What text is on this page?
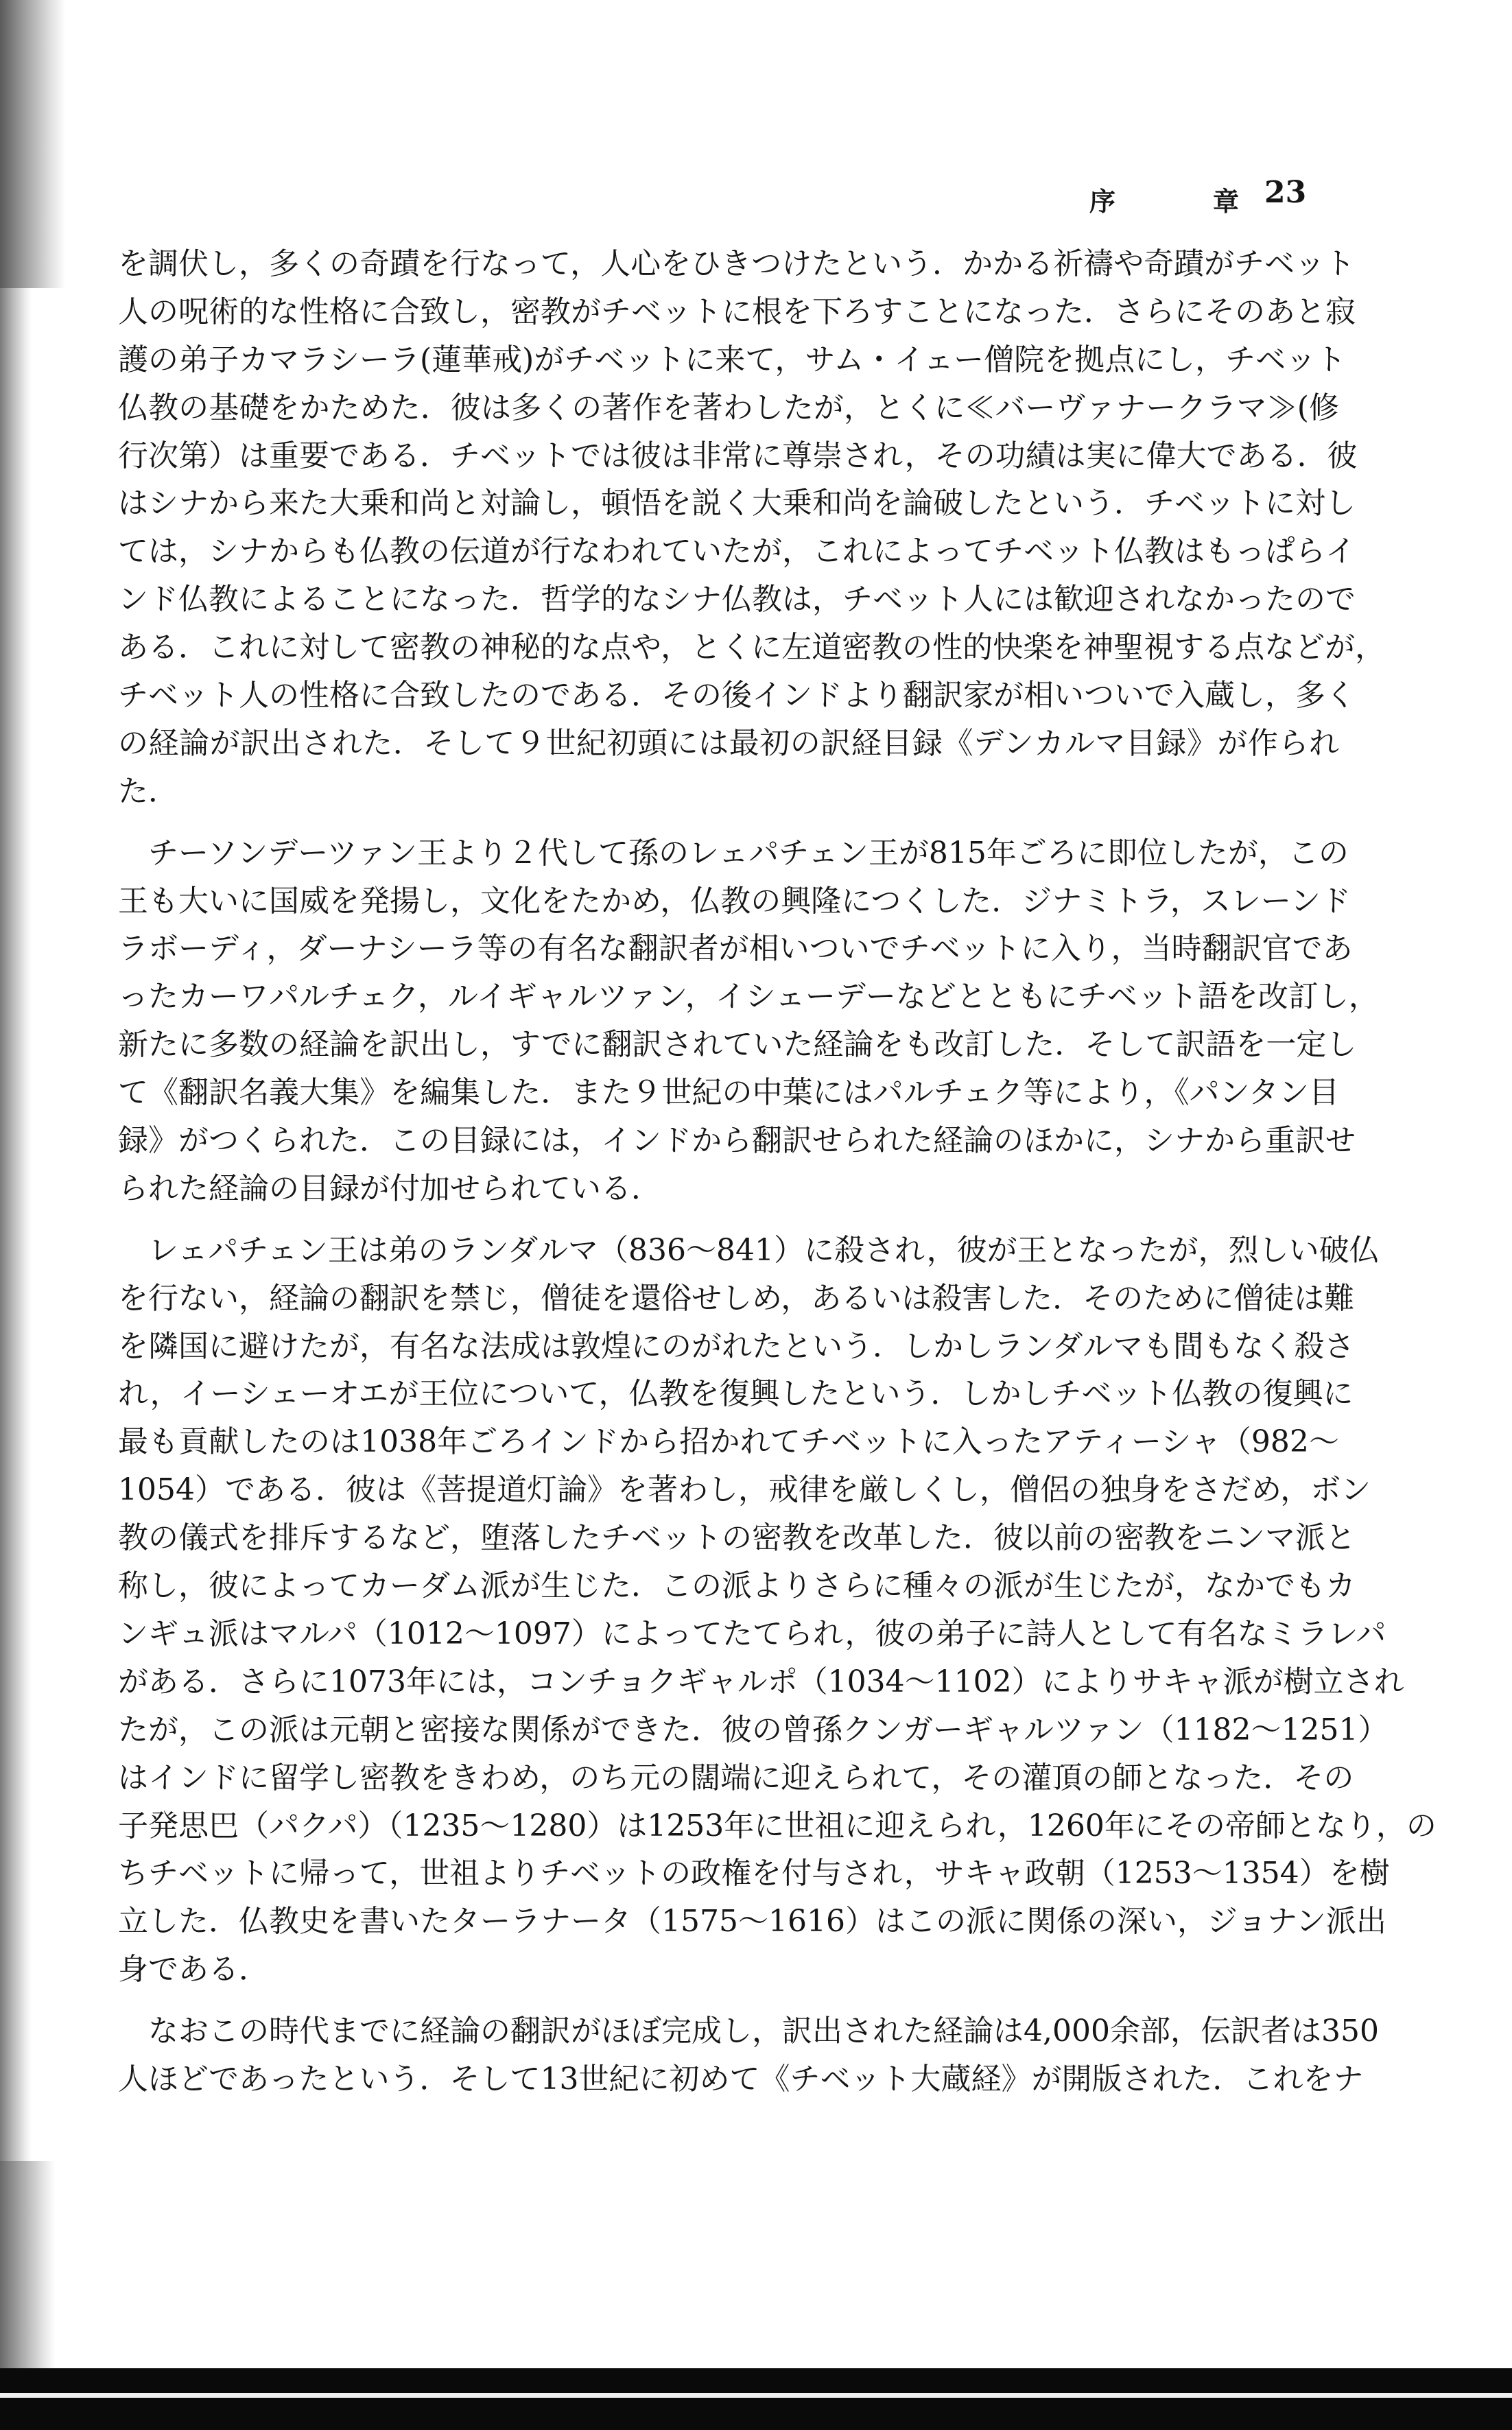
序　章
23
を調伏し，多くの奇蹟を行なって，人心をひきつけたという．かかる祈禱や奇蹟がチベット
人の呪術的な性格に合致し，密教がチベットに根を下ろすことになった．さらにそのあと寂
護の弟子カマラシーラ(蓮華戒)がチベットに来て，サム・イェー僧院を拠点にし，チベット
仏教の基礎をかためた．彼は多くの著作を著わしたが，とくに≪バーヴァナークラマ≫(修
行次第）は重要である．チベットでは彼は非常に尊崇され，その功績は実に偉大である．彼
はシナから来た大乗和尚と対論し，頓悟を説く大乗和尚を論破したという．チベットに対し
ては，シナからも仏教の伝道が行なわれていたが，これによってチベット仏教はもっぱらイ
ンド仏教によることになった．哲学的なシナ仏教は，チベット人には歓迎されなかったので
ある．これに対して密教の神秘的な点や，とくに左道密教の性的快楽を神聖視する点などが，
チベット人の性格に合致したのである．その後インドより翻訳家が相いついで入蔵し，多く
の経論が訳出された．そして９世紀初頭には最初の訳経目録《デンカルマ目録》が作られ
た．
　チーソンデーツァン王より２代して孫のレェパチェン王が815年ごろに即位したが，この
王も大いに国威を発揚し，文化をたかめ，仏教の興隆につくした．ジナミトラ，スレーンド
ラボーディ，ダーナシーラ等の有名な翻訳者が相いついでチベットに入り，当時翻訳官であ
ったカーワパルチェク，ルイギャルツァン，イシェーデーなどとともにチベット語を改訂し，
新たに多数の経論を訳出し，すでに翻訳されていた経論をも改訂した．そして訳語を一定し
て《翻訳名義大集》を編集した．また９世紀の中葉にはパルチェク等により，《パンタン目
録》がつくられた．この目録には，インドから翻訳せられた経論のほかに，シナから重訳せ
られた経論の目録が付加せられている．
　レェパチェン王は弟のランダルマ（836～841）に殺され，彼が王となったが，烈しい破仏
を行ない，経論の翻訳を禁じ，僧徒を還俗せしめ，あるいは殺害した．そのために僧徒は難
を隣国に避けたが，有名な法成は敦煌にのがれたという．しかしランダルマも間もなく殺さ
れ，イーシェーオエが王位について，仏教を復興したという．しかしチベット仏教の復興に
最も貢献したのは1038年ごろインドから招かれてチベットに入ったアティーシャ（982～
1054）である．彼は《菩提道灯論》を著わし，戒律を厳しくし，僧侶の独身をさだめ，ボン
教の儀式を排斥するなど，堕落したチベットの密教を改革した．彼以前の密教をニンマ派と
称し，彼によってカーダム派が生じた．この派よりさらに種々の派が生じたが，なかでもカ
ンギュ派はマルパ（1012～1097）によってたてられ，彼の弟子に詩人として有名なミラレパ
がある．さらに1073年には，コンチョクギャルポ（1034～1102）によりサキャ派が樹立され
たが，この派は元朝と密接な関係ができた．彼の曾孫クンガーギャルツァン（1182～1251）
はインドに留学し密教をきわめ，のち元の闊端に迎えられて，その灌頂の師となった．その
子発思巴（パクパ）（1235～1280）は1253年に世祖に迎えられ，1260年にその帝師となり，の
ちチベットに帰って，世祖よりチベットの政権を付与され，サキャ政朝（1253～1354）を樹
立した．仏教史を書いたターラナータ（1575～1616）はこの派に関係の深い，ジョナン派出
身である．
　なおこの時代までに経論の翻訳がほぼ完成し，訳出された経論は4,000余部，伝訳者は350
人ほどであったという．そして13世紀に初めて《チベット大蔵経》が開版された．これをナ
